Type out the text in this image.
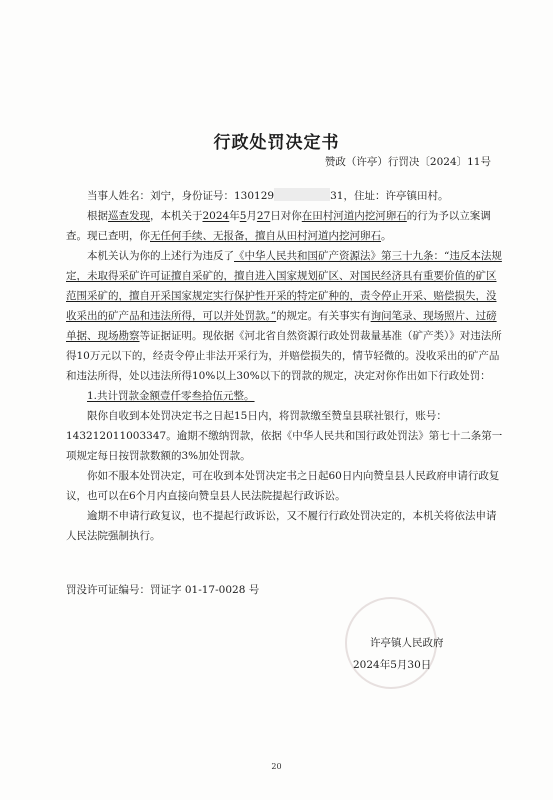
行政处罚决定书
赞政（许亭）行罚决〔2024〕11号

当事人姓名：刘宁，身份证号：130129	31，住址：许亭镇田村。

根据巡查发现，本机关于2024年5月27日对你在田村河道内挖河卵石的行为予以立案调查。现已查明，你无任何手续、无报备，擅自从田村河道内挖河卵石。

本机关认为你的上述行为违反了《中华人民共和国矿产资源法》第三十九条：“违反本法规定，未取得采矿许可证擅自采矿的，擅自进入国家规划矿区、对国民经济具有重要价值的矿区范围采矿的，擅自开采国家规定实行保护性开采的特定矿种的，责令停止开采、赔偿损失，没收采出的矿产品和违法所得，可以并处罚款。”的规定。有关事实有询问笔录、现场照片、过磅单据、现场勘察等证据证明。现依据《河北省自然资源行政处罚裁量基准（矿产类）》对违法所得10万元以下的，经责令停止非法开采行为，并赔偿损失的，情节轻微的。没收采出的矿产品和违法所得，处以违法所得10%以上30%以下的罚款的规定，决定对你作出如下行政处罚：

1.共计罚款金额壹仟零叁拾伍元整。

限你自收到本处罚决定书之日起15日内，将罚款缴至赞皇县联社银行，账号：143212011003347。逾期不缴纳罚款，依据《中华人民共和国行政处罚法》第七十二条第一项规定每日按罚款数额的3%加处罚款。

你如不服本处罚决定，可在收到本处罚决定书之日起60日内向赞皇县人民政府申请行政复议，也可以在6个月内直接向赞皇县人民法院提起行政诉讼。

逾期不申请行政复议，也不提起行政诉讼，又不履行行政处罚决定的，本机关将依法申请人民法院强制执行。

罚没许可证编号：罚证字 01-17-0028 号
许亭镇人民政府
2024年5月30日
20
